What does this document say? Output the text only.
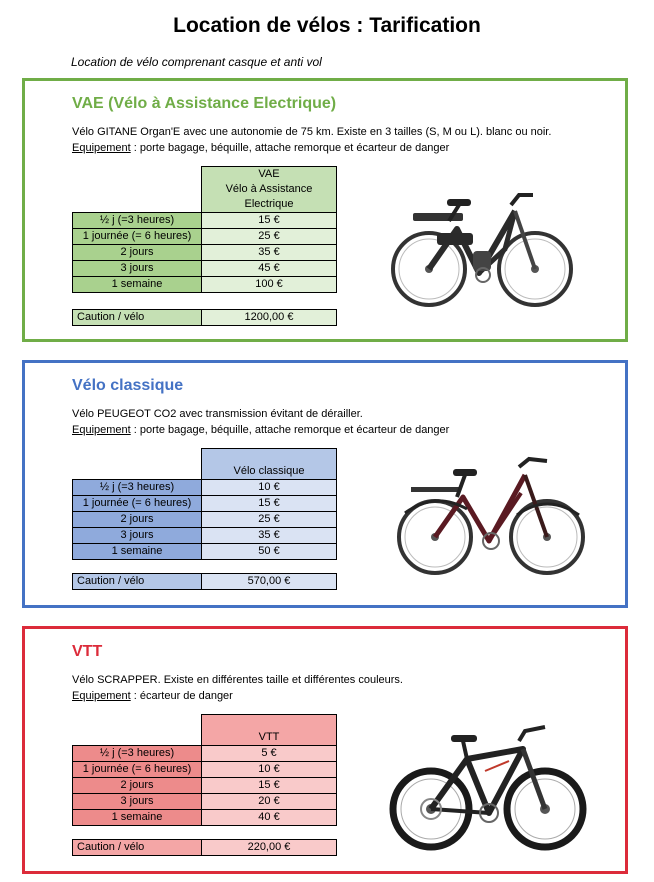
Location de vélos : Tarification
Location de vélo comprenant casque et anti vol
VAE (Vélo à Assistance Electrique)
Vélo GITANE Organ'E avec une autonomie de 75 km. Existe en 3 tailles (S, M ou L). blanc ou noir.
Equipement : porte bagage, béquille, attache remorque et écarteur de danger

	VAE
Vélo à Assistance
Electrique

½ j (=3 heures)	15 €
1 journée (= 6 heures)	25 €
2 jours	35 €
3 jours	45 €
1 semaine	100 €
Caution / vélo	1200,00 €
Vélo classique
Vélo PEUGEOT CO2 avec transmission évitant de dérailler.
Equipement : porte bagage, béquille, attache remorque et écarteur de danger
	Vélo classique
½ j (=3 heures)	10 €
1 journée (= 6 heures)	15 €
2 jours	25 €
3 jours	35 €
1 semaine	50 €
Caution / vélo	570,00 €
VTT
Vélo SCRAPPER. Existe en différentes taille et différentes couleurs.
Equipement : écarteur de danger
	VTT
½ j (=3 heures)	5 €
1 journée (= 6 heures)	10 €
2 jours	15 €
3 jours	20 €
1 semaine	40 €
Caution / vélo	220,00 €
